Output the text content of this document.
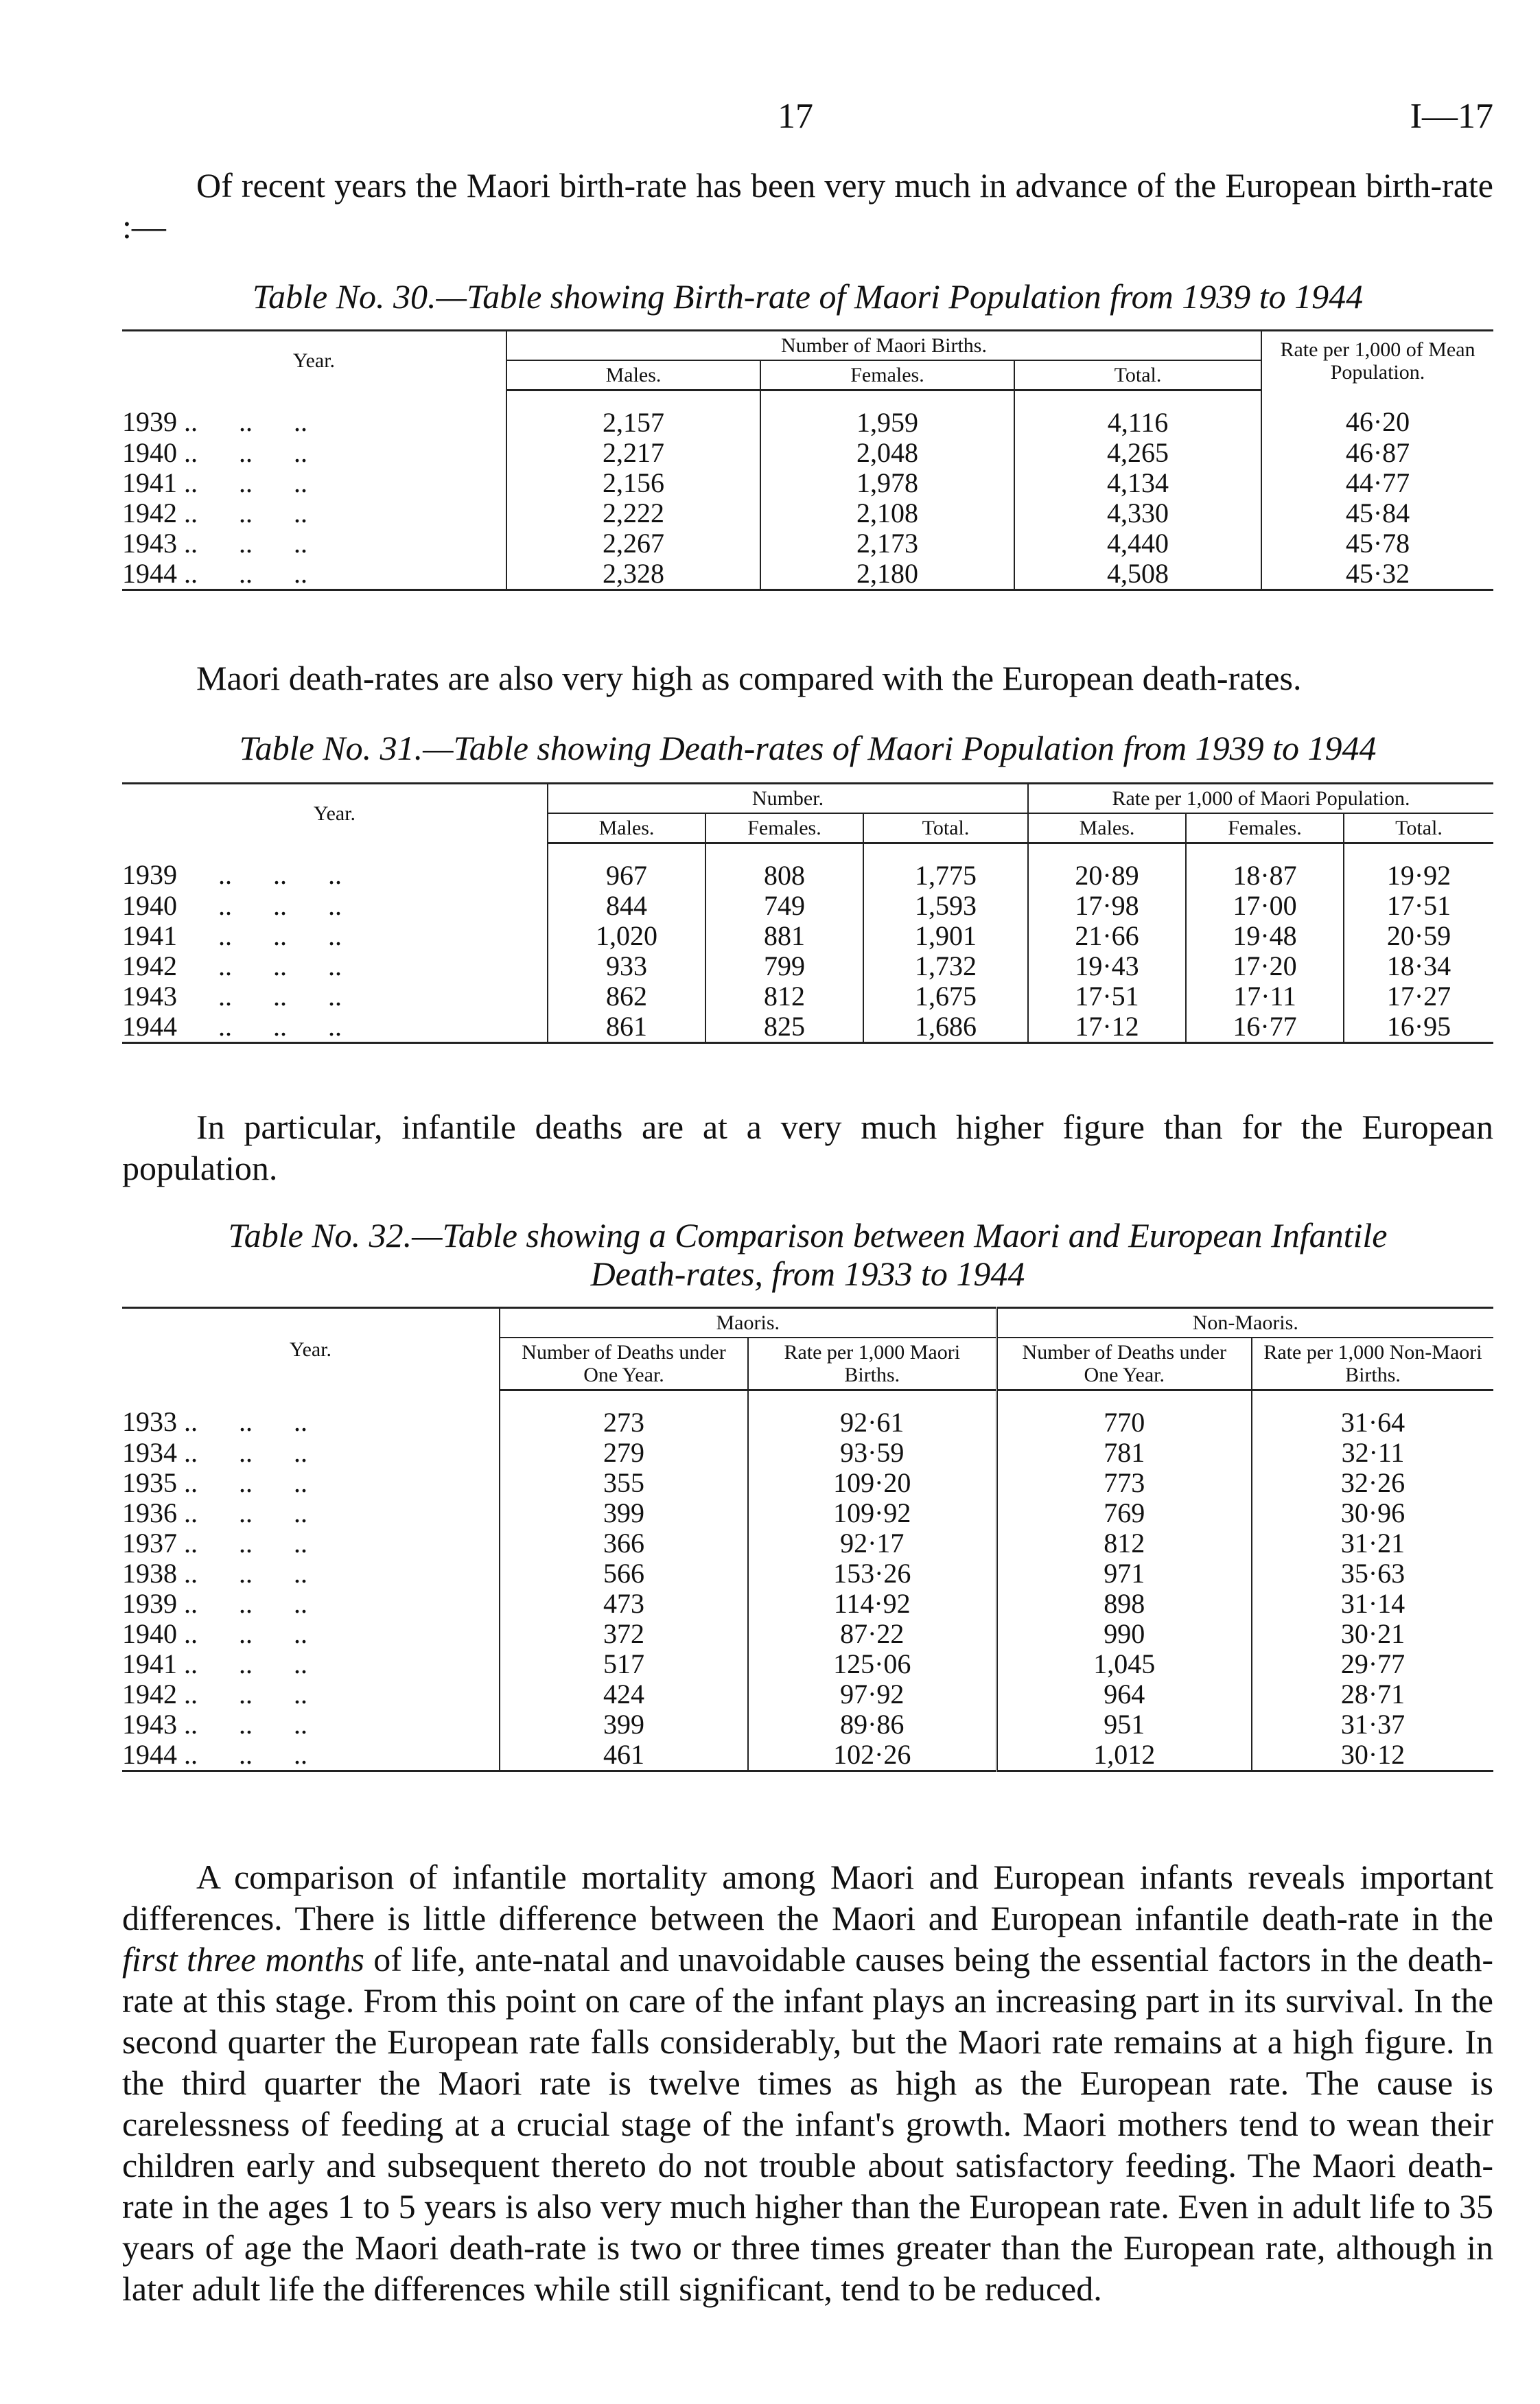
17	I—17

Of recent years the Maori birth-rate has been very much in advance of the European birth-rate :—

Table No. 30.—Table showing Birth-rate of Maori Population from 1939 to 1944
Year.	Number of Maori Births.			Rate per 1,000 of Mean Population.
	Males.	Females.	Total.	
1939 ..      ..      ..	2,157	1,959	4,116	46·20
1940 ..      ..      ..	2,217	2,048	4,265	46·87
1941 ..      ..      ..	2,156	1,978	4,134	44·77
1942 ..      ..      ..	2,222	2,108	4,330	45·84
1943 ..      ..      ..	2,267	2,173	4,440	45·78
1944 ..      ..      ..	2,328	2,180	4,508	45·32

Maori death-rates are also very high as compared with the European death-rates.

Table No. 31.—Table showing Death-rates of Maori Population from 1939 to 1944
Year.	Number.			Rate per 1,000 of Maori Population.		
	Males.	Females.	Total.	Males.	Females.	Total.
1939      ..      ..      ..	967	808	1,775	20·89	18·87	19·92
1940      ..      ..      ..	844	749	1,593	17·98	17·00	17·51
1941      ..      ..      ..	1,020	881	1,901	21·66	19·48	20·59
1942      ..      ..      ..	933	799	1,732	19·43	17·20	18·34
1943      ..      ..      ..	862	812	1,675	17·51	17·11	17·27
1944      ..      ..      ..	861	825	1,686	17·12	16·77	16·95

In particular, infantile deaths are at a very much higher figure than for the European population.

Table No. 32.—Table showing a Comparison between Maori and European Infantile
Death-rates, from 1933 to 1944
Year.	Maoris.		Non-Maoris.	
	Number of Deaths under One Year.	Rate per 1,000 Maori Births.	Number of Deaths under One Year.	Rate per 1,000 Non-Maori Births.
1933 ..      ..      ..	273	92·61	770	31·64
1934 ..      ..      ..	279	93·59	781	32·11
1935 ..      ..      ..	355	109·20	773	32·26
1936 ..      ..      ..	399	109·92	769	30·96
1937 ..      ..      ..	366	92·17	812	31·21
1938 ..      ..      ..	566	153·26	971	35·63
1939 ..      ..      ..	473	114·92	898	31·14
1940 ..      ..      ..	372	87·22	990	30·21
1941 ..      ..      ..	517	125·06	1,045	29·77
1942 ..      ..      ..	424	97·92	964	28·71
1943 ..      ..      ..	399	89·86	951	31·37
1944 ..      ..      ..	461	102·26	1,012	30·12

A comparison of infantile mortality among Maori and European infants reveals important differences. There is little difference between the Maori and European infantile death-rate in the first three months of life, ante-natal and unavoidable causes being the essential factors in the death-rate at this stage. From this point on care of the infant plays an increasing part in its survival. In the second quarter the European rate falls considerably, but the Maori rate remains at a high figure. In the third quarter the Maori rate is twelve times as high as the European rate. The cause is carelessness of feeding at a crucial stage of the infant's growth. Maori mothers tend to wean their children early and subsequent thereto do not trouble about satisfactory feeding. The Maori death-rate in the ages 1 to 5 years is also very much higher than the European rate. Even in adult life to 35 years of age the Maori death-rate is two or three times greater than the European rate, although in later adult life the differences while still significant, tend to be reduced.
